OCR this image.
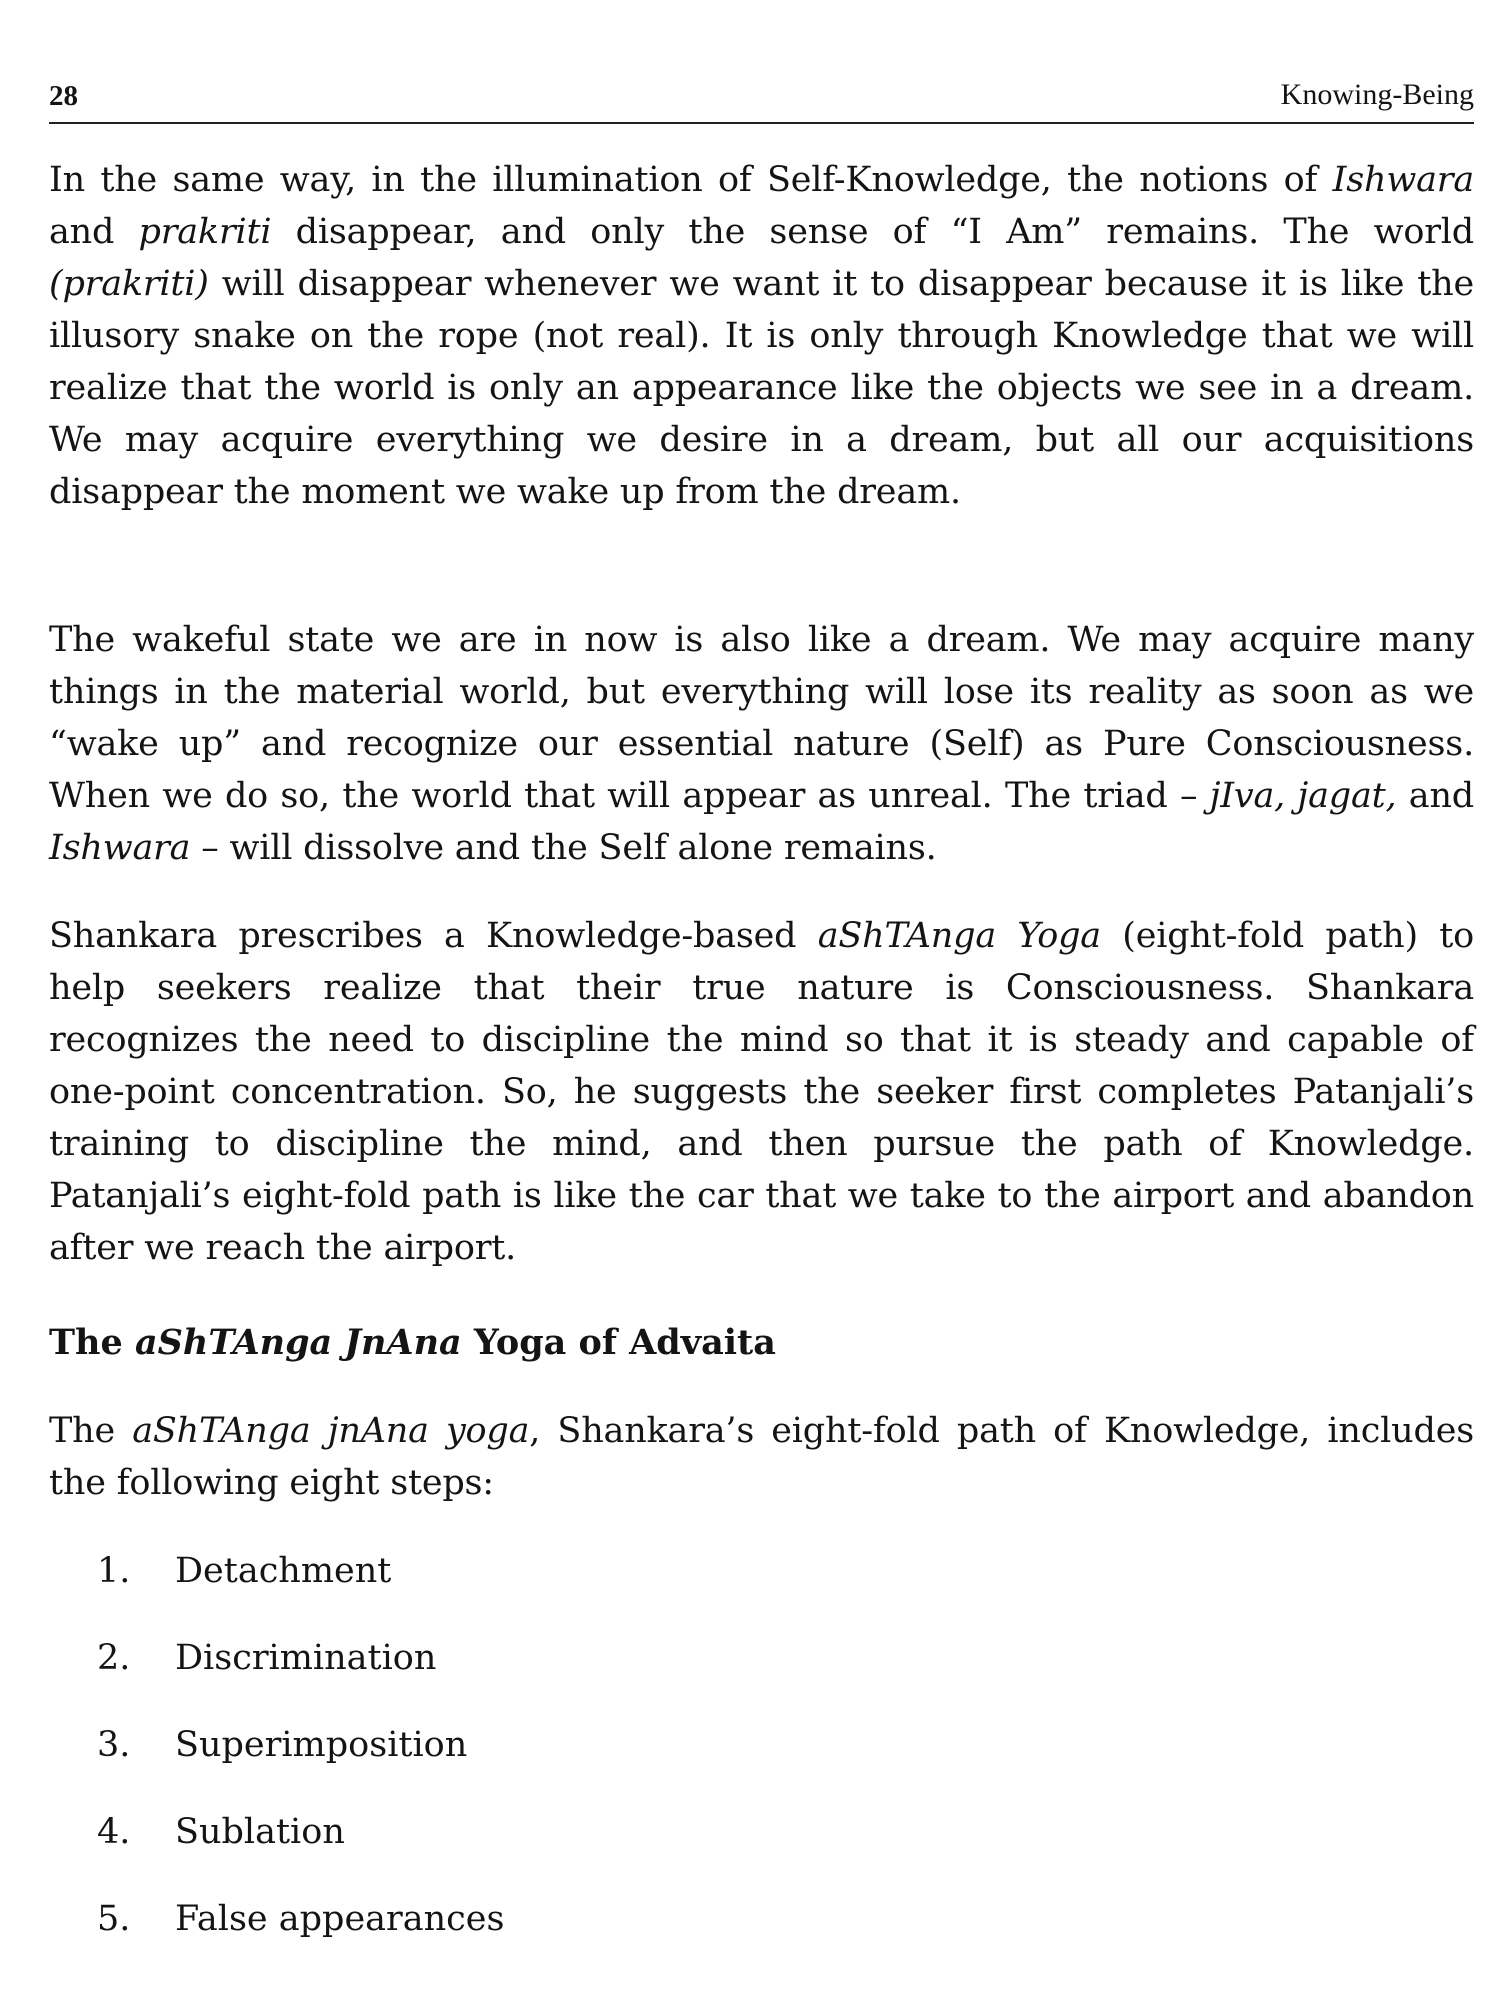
28	Knowing-Being

In the same way, in the illumination of Self-Knowledge, the notions of Ishwara and prakriti disappear, and only the sense of “I Am” remains. The world (prakriti) will disappear whenever we want it to disappear because it is like the illusory snake on the rope (not real). It is only through Knowledge that we will realize that the world is only an appearance like the objects we see in a dream. We may acquire everything we desire in a dream, but all our acquisitions disappear the moment we wake up from the dream.

The wakeful state we are in now is also like a dream. We may acquire many things in the material world, but everything will lose its reality as soon as we “wake up” and recognize our essential nature (Self) as Pure Consciousness. When we do so, the world that will appear as unreal. The triad – jIva, jagat, and Ishwara – will dissolve and the Self alone remains.

Shankara prescribes a Knowledge-based aShTAnga Yoga (eight-fold path) to help seekers realize that their true nature is Consciousness. Shankara recognizes the need to discipline the mind so that it is steady and capable of one-point concentration. So, he suggests the seeker first completes Patanjali’s training to discipline the mind, and then pursue the path of Knowledge. Patanjali’s eight-fold path is like the car that we take to the airport and abandon after we reach the airport.

The aShTAnga JnAna Yoga of Advaita

The aShTAnga jnAna yoga, Shankara’s eight-fold path of Knowledge, includes the following eight steps:

1.	Detachment
2.	Discrimination
3.	Superimposition
4.	Sublation
5.	False appearances
